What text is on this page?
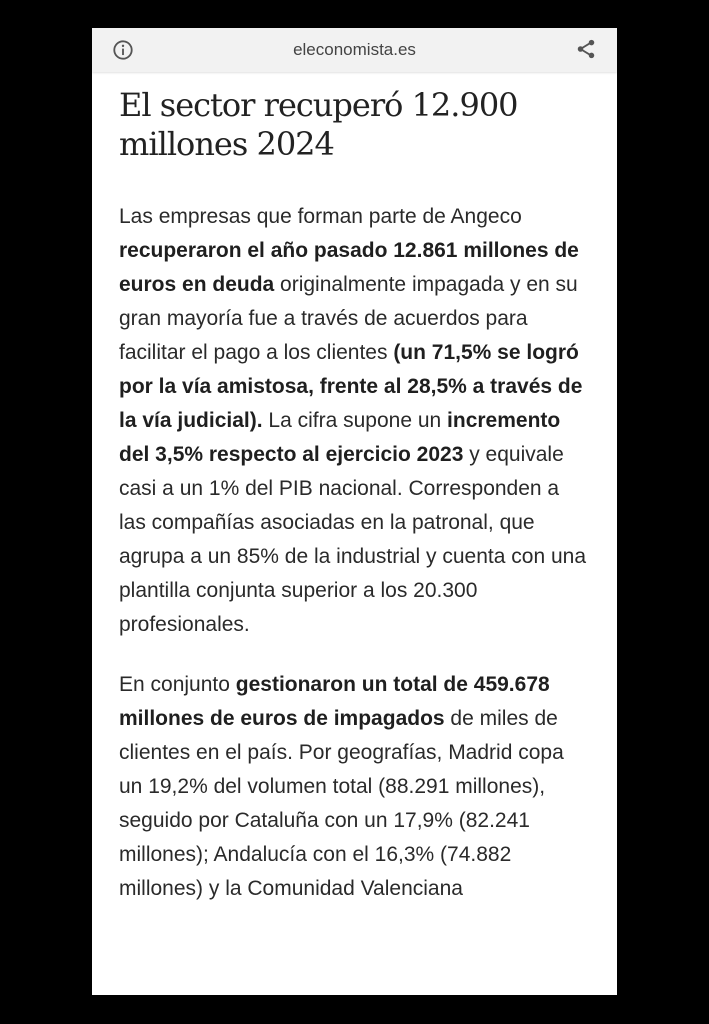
eleconomista.es
El sector recuperó 12.900 millones 2024

Las empresas que forman parte de Angeco recuperaron el año pasado 12.861 millones de euros en deuda originalmente impagada y en su gran mayoría fue a través de acuerdos para facilitar el pago a los clientes (un 71,5% se logró por la vía amistosa, frente al 28,5% a través de la vía judicial). La cifra supone un incremento del 3,5% respecto al ejercicio 2023 y equivale casi a un 1% del PIB nacional. Corresponden a las compañías asociadas en la patronal, que agrupa a un 85% de la industrial y cuenta con una plantilla conjunta superior a los 20.300 profesionales.

En conjunto gestionaron un total de 459.678 millones de euros de impagados de miles de clientes en el país. Por geografías, Madrid copa un 19,2% del volumen total (88.291 millones), seguido por Cataluña con un 17,9% (82.241 millones); Andalucía con el 16,3% (74.882 millones) y la Comunidad Valenciana
